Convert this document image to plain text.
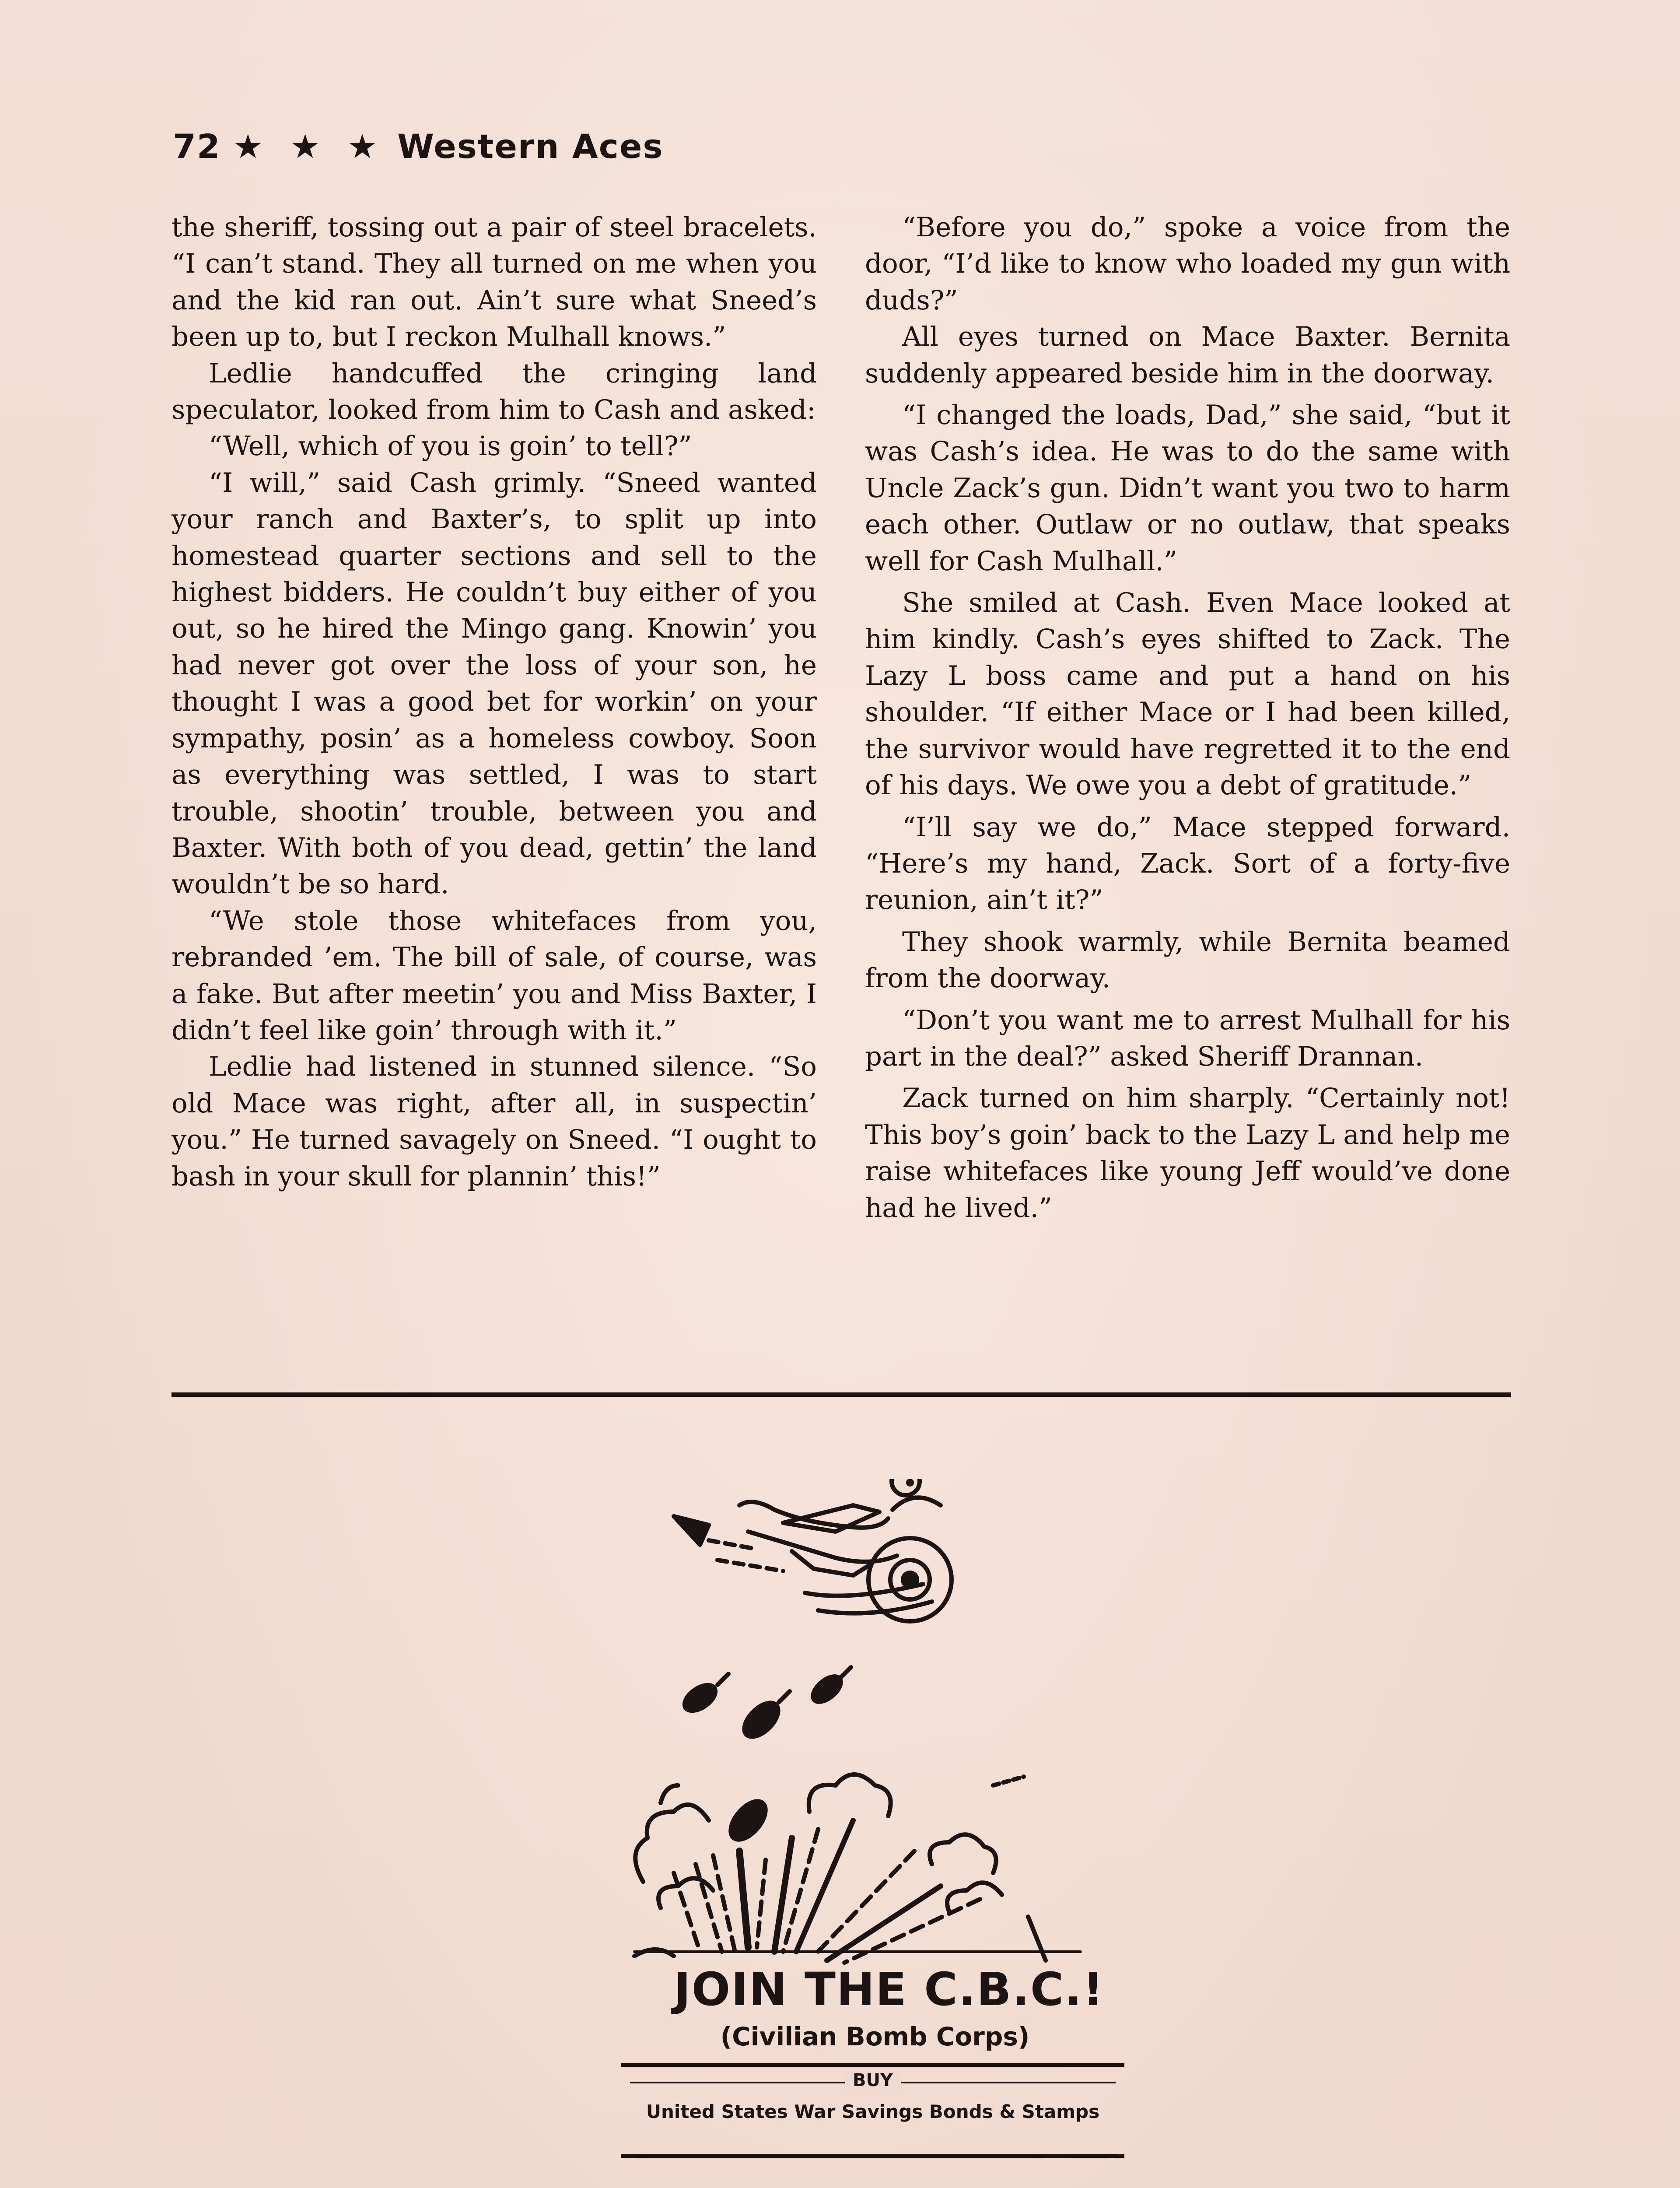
72 ★ ★ ★ Western Aces

the sheriff, tossing out a pair of steel bracelets. “I can’t stand. They all turned on me when you and the kid ran out. Ain’t sure what Sneed’s been up to, but I reckon Mulhall knows.”

Ledlie handcuffed the cringing land speculator, looked from him to Cash and asked:

“Well, which of you is goin’ to tell?”

“I will,” said Cash grimly. “Sneed wanted your ranch and Baxter’s, to split up into homestead quarter sections and sell to the highest bidders. He couldn’t buy either of you out, so he hired the Mingo gang. Knowin’ you had never got over the loss of your son, he thought I was a good bet for workin’ on your sympathy, posin’ as a homeless cowboy. Soon as everything was settled, I was to start trouble, shootin’ trouble, between you and Baxter. With both of you dead, gettin’ the land wouldn’t be so hard.

“We stole those whitefaces from you, rebranded ’em. The bill of sale, of course, was a fake. But after meetin’ you and Miss Baxter, I didn’t feel like goin’ through with it.”

Ledlie had listened in stunned silence. “So old Mace was right, after all, in suspectin’ you.” He turned savagely on Sneed. “I ought to bash in your skull for plannin’ this!”

“Before you do,” spoke a voice from the door, “I’d like to know who loaded my gun with duds?”

All eyes turned on Mace Baxter. Bernita suddenly appeared beside him in the doorway.

“I changed the loads, Dad,” she said, “but it was Cash’s idea. He was to do the same with Uncle Zack’s gun. Didn’t want you two to harm each other. Outlaw or no outlaw, that speaks well for Cash Mulhall.”

She smiled at Cash. Even Mace looked at him kindly. Cash’s eyes shifted to Zack. The Lazy L boss came and put a hand on his shoulder. “If either Mace or I had been killed, the survivor would have regretted it to the end of his days. We owe you a debt of gratitude.”

“I’ll say we do,” Mace stepped forward. “Here’s my hand, Zack. Sort of a forty-five reunion, ain’t it?”

They shook warmly, while Bernita beamed from the doorway.

“Don’t you want me to arrest Mulhall for his part in the deal?” asked Sheriff Drannan.

Zack turned on him sharply. “Certainly not! This boy’s goin’ back to the Lazy L and help me raise whitefaces like young Jeff would’ve done had he lived.”

JOIN THE C.B.C.!
(Civilian Bomb Corps)
BUY
United States War Savings Bonds & Stamps
